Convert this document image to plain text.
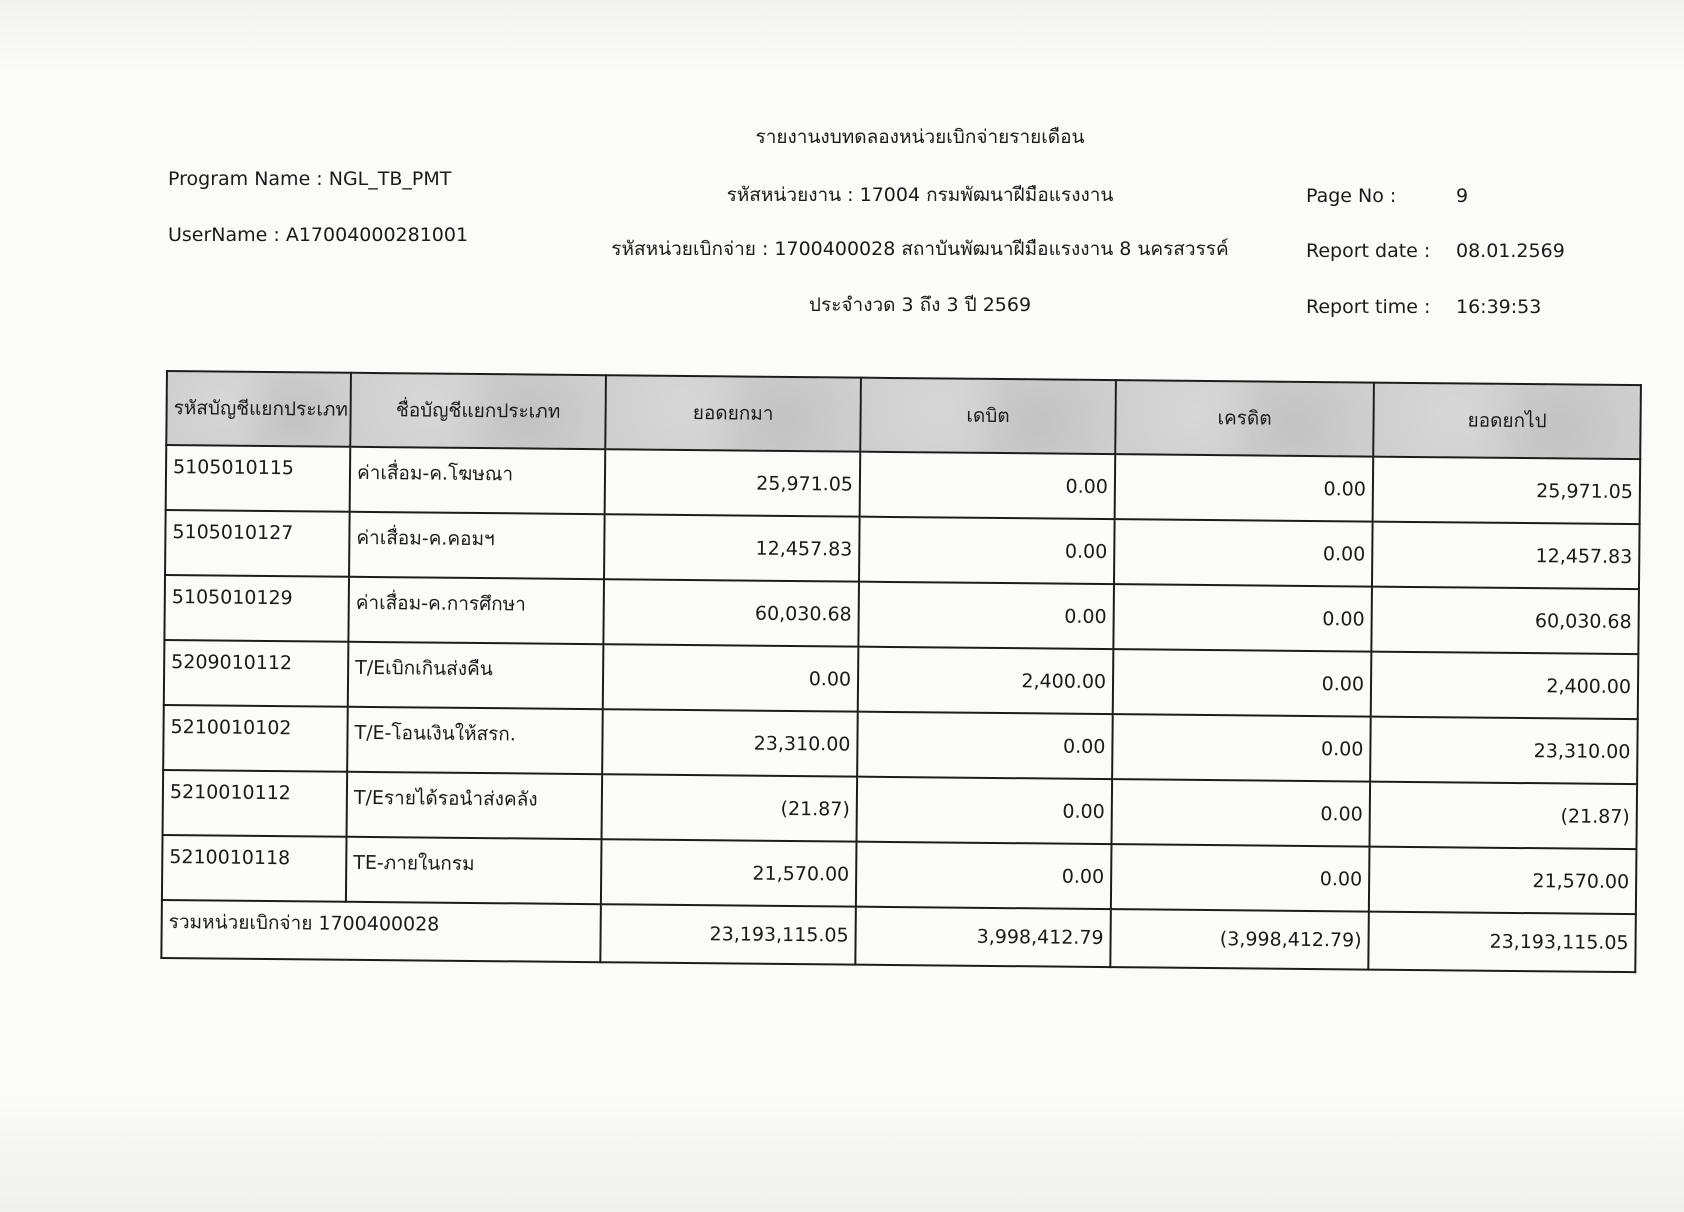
รายงานงบทดลองหน่วยเบิกจ่ายรายเดือน
รหัสหน่วยงาน : 17004 กรมพัฒนาฝีมือแรงงาน
รหัสหน่วยเบิกจ่าย : 1700400028 สถาบันพัฒนาฝีมือแรงงาน 8 นครสวรรค์
ประจำงวด 3 ถึง 3 ปี 2569
Program Name : NGL_TB_PMT
UserName : A17004000281001
Page No :	9
Report date : 08.01.2569
Report time : 16:39:53
รหัสบัญชีแยกประเภท	ชื่อบัญชีแยกประเภท	ยอดยกมา	เดบิต	เครดิต	ยอดยกไป
5105010115	ค่าเสื่อม-ค.โฆษณา	25,971.05	0.00	0.00	25,971.05
5105010127	ค่าเสื่อม-ค.คอมฯ	12,457.83	0.00	0.00	12,457.83
5105010129	ค่าเสื่อม-ค.การศึกษา	60,030.68	0.00	0.00	60,030.68
5209010112	T/Eเบิกเกินส่งคืน	0.00	2,400.00	0.00	2,400.00
5210010102	T/E-โอนเงินให้สรก.	23,310.00	0.00	0.00	23,310.00
5210010112	T/Eรายได้รอนำส่งคลัง	(21.87)	0.00	0.00	(21.87)
5210010118	TE-ภายในกรม	21,570.00	0.00	0.00	21,570.00
รวมหน่วยเบิกจ่าย 1700400028		23,193,115.05	3,998,412.79	(3,998,412.79)	23,193,115.05
